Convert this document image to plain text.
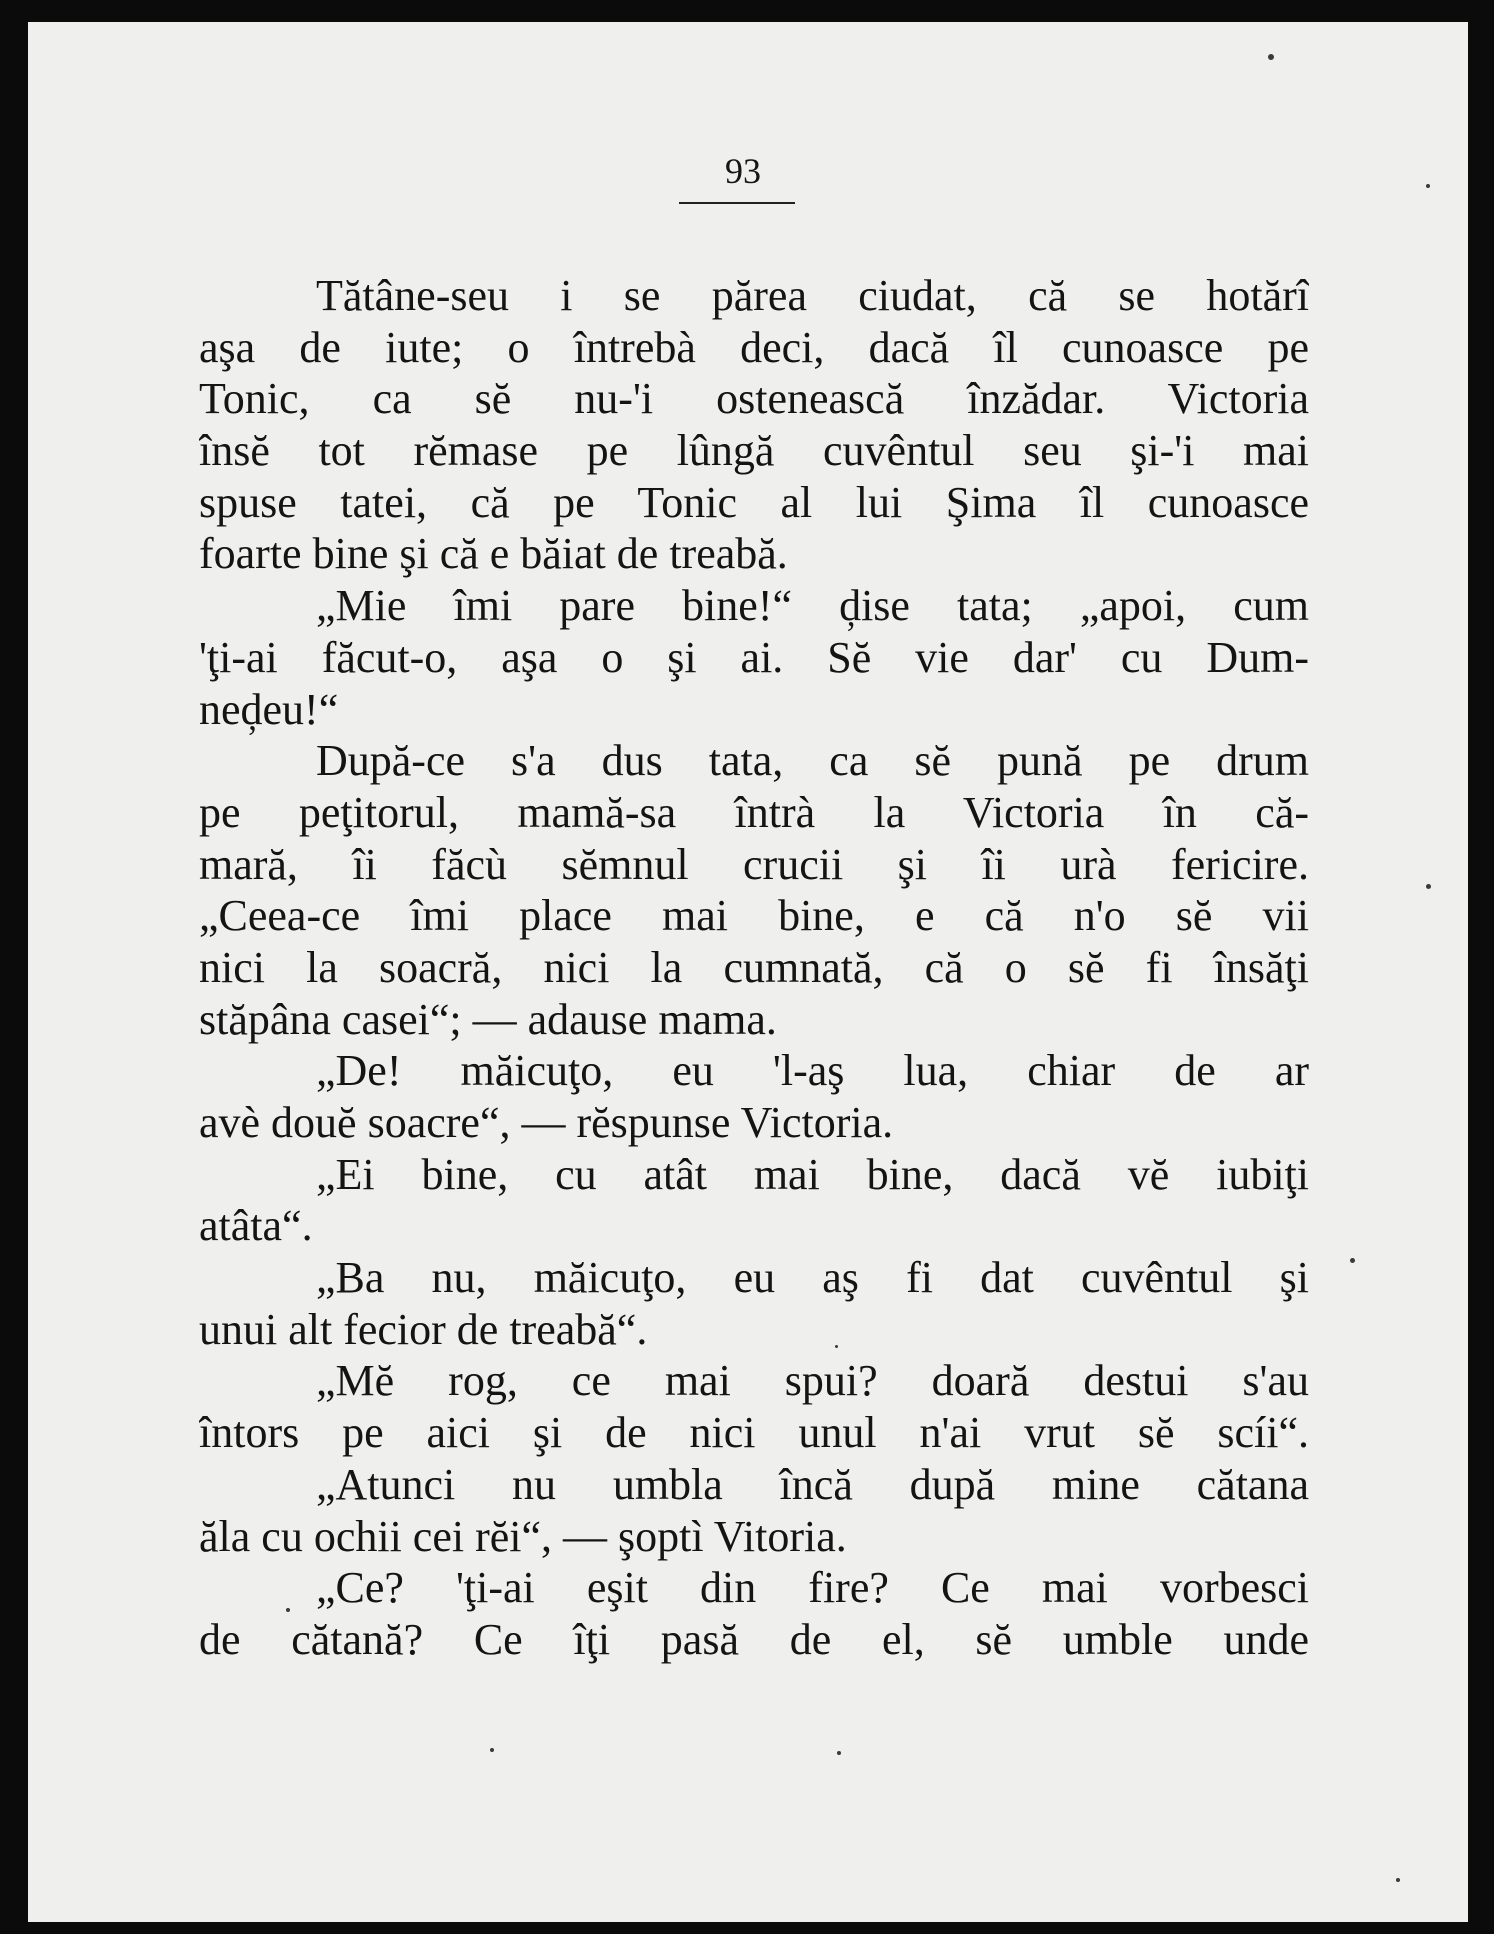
93
Tătâne-seu i se părea ciudat, că se hotărî
aşa de iute; o întrebà deci, dacă îl cunoasce pe
Tonic, ca sĕ nu-'i ostenească înzădar. Victoria
însĕ tot rĕmase pe lûngă cuvêntul seu şi-'i mai
spuse tatei, că pe Tonic al lui Şima îl cunoasce
foarte bine şi că e băiat de treabă.
„Mie îmi pare bine!“ ḑise tata; „apoi, cum
'ţi-ai făcut-o, aşa o şi ai. Sĕ vie dar' cu Dum-
neḑeu!“
După-ce s'a dus tata, ca sĕ pună pe drum
pe peţitorul, mamă-sa întrà la Victoria în că-
mară, îi făcù sĕmnul crucii şi îi urà fericire.
„Ceea-ce îmi place mai bine, e că n'o sĕ vii
nici la soacră, nici la cumnată, că o sĕ fi însăţi
stăpâna casei“; — adause mama.
„De! măicuţo, eu 'l-aş lua, chiar de ar
avè douĕ soacre“, — rĕspunse Victoria.
„Ei bine, cu atât mai bine, dacă vĕ iubiţi
atâta“.
„Ba nu, măicuţo, eu aş fi dat cuvêntul şi
unui alt fecior de treabă“.
„Mĕ rog, ce mai spui? doară destui s'au
întors pe aici şi de nici unul n'ai vrut sĕ scíi“.
„Atunci nu umbla încă după mine cătana
ăla cu ochii cei rĕi“, — şoptì Vitoria.
„Ce? 'ţi-ai eşit din fire? Ce mai vorbesci
de cătană? Ce îţi pasă de el, sĕ umble unde
